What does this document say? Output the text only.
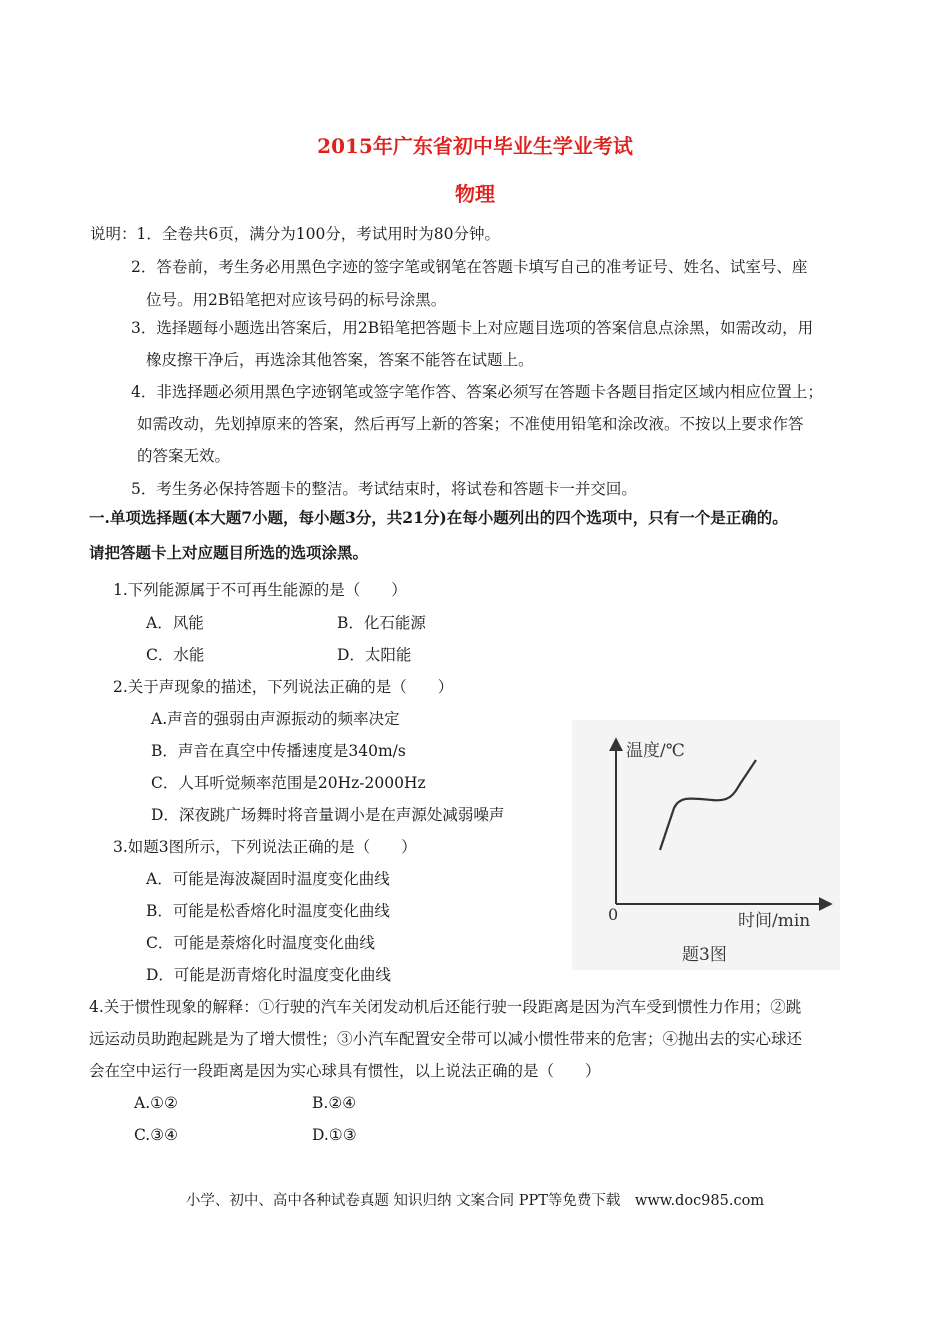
2015年广东省初中毕业生学业考试
物理
说明：1．全卷共6页，满分为100分，考试用时为80分钟。
2．答卷前，考生务必用黑色字迹的签字笔或钢笔在答题卡填写自己的准考证号、姓名、试室号、座
位号。用2B铅笔把对应该号码的标号涂黑。
3．选择题每小题选出答案后，用2B铅笔把答题卡上对应题目选项的答案信息点涂黑，如需改动，用
橡皮擦干净后，再选涂其他答案，答案不能答在试题上。
4．非选择题必须用黑色字迹钢笔或签字笔作答、答案必须写在答题卡各题目指定区域内相应位置上；
如需改动，先划掉原来的答案，然后再写上新的答案；不准使用铅笔和涂改液。不按以上要求作答
的答案无效。
5．考生务必保持答题卡的整洁。考试结束时，将试卷和答题卡一并交回。
一.单项选择题(本大题7小题，每小题3分，共21分)在每小题列出的四个选项中，只有一个是正确的。
请把答题卡上对应题目所选的选项涂黑。
1.下列能源属于不可再生能源的是（　　）
A．风能	B．化石能源
C．水能	D．太阳能
2.关于声现象的描述，下列说法正确的是（　　）
A.声音的强弱由声源振动的频率决定
B．声音在真空中传播速度是340m/s
C．人耳听觉频率范围是20Hz-2000Hz
D．深夜跳广场舞时将音量调小是在声源处减弱噪声
3.如题3图所示，下列说法正确的是（　　）
A．可能是海波凝固时温度变化曲线
B．可能是松香熔化时温度变化曲线
C．可能是萘熔化时温度变化曲线
D．可能是沥青熔化时温度变化曲线
温度/℃
0	时间/min
题3图
4.关于惯性现象的解释：①行驶的汽车关闭发动机后还能行驶一段距离是因为汽车受到惯性力作用；②跳
远运动员助跑起跳是为了增大惯性；③小汽车配置安全带可以减小惯性带来的危害；④抛出去的实心球还
会在空中运行一段距离是因为实心球具有惯性，以上说法正确的是（　　）
A.①②	B.②④
C.③④	D.①③
小学、初中、高中各种试卷真题 知识归纳 文案合同 PPT等免费下载　www.doc985.com
